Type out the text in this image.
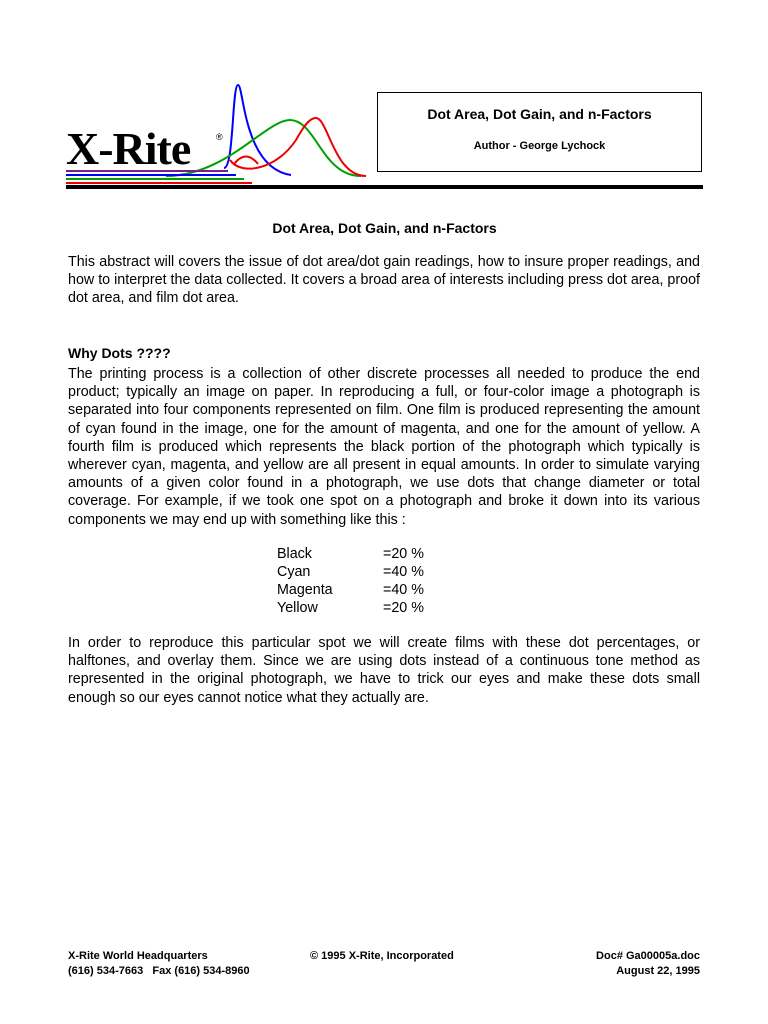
X-Rite	®
Dot Area, Dot Gain, and n-Factors
Author - George Lychock
Dot Area, Dot Gain, and n-Factors

This abstract will covers the issue of dot area/dot gain readings, how to insure proper readings, and how to interpret the data collected. It covers a broad area of interests including press dot area, proof dot area, and film dot area.

Why Dots ????

The printing process is a collection of other discrete processes all needed to produce the end product; typically an image on paper. In reproducing a full, or four-color image a photograph is separated into four components represented on film. One film is produced representing the amount of cyan found in the image, one for the amount of magenta, and one for the amount of yellow. A fourth film is produced which represents the black portion of the photograph which typically is wherever cyan, magenta, and yellow are all present in equal amounts. In order to simulate varying amounts of a given color found in a photograph, we use dots that change diameter or total coverage. For example, if we took one spot on a photograph and broke it down into its various components we may end up with something like this :

Black	=20 %
Cyan	=40 %
Magenta	=40 %
Yellow	=20 %

In order to reproduce this particular spot we will create films with these dot percentages, or halftones, and overlay them. Since we are using dots instead of a continuous tone method as represented in the original photograph, we have to trick our eyes and make these dots small enough so our eyes cannot notice what they actually are.

X-Rite World Headquarters
(616) 534-7663   Fax (616) 534-8960
© 1995 X-Rite, Incorporated	Doc# Ga00005a.doc
August 22, 1995
